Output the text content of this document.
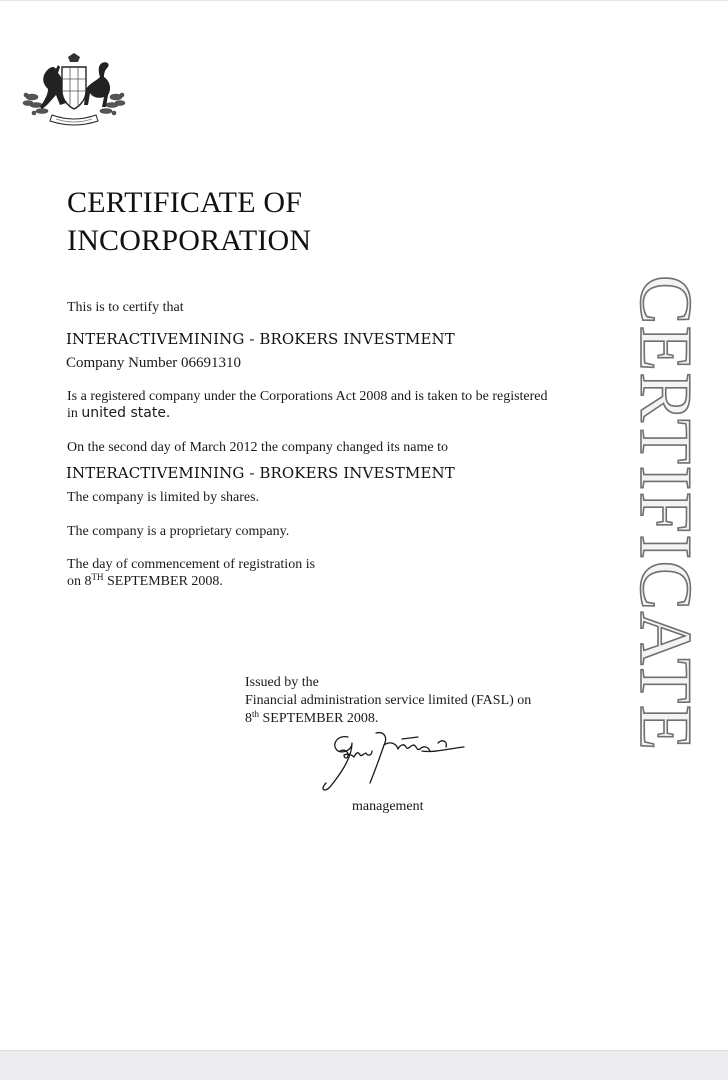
CERTIFICATE OF
INCORPORATION

This is to certify that

INTERACTIVEMINING - BROKERS INVESTMENT
Company Number 06691310

Is a registered company under the Corporations Act 2008 and is taken to be registered
in united state.

On the second day of March 2012 the company changed its name to

INTERACTIVEMINING - BROKERS INVESTMENT

The company is limited by shares.

The company is a proprietary company.

The day of commencement of registration is
on 8TH SEPTEMBER 2008.

Issued by the
Financial administration service limited (FASL) on
8th SEPTEMBER 2008.
management
CERTIFICATE
